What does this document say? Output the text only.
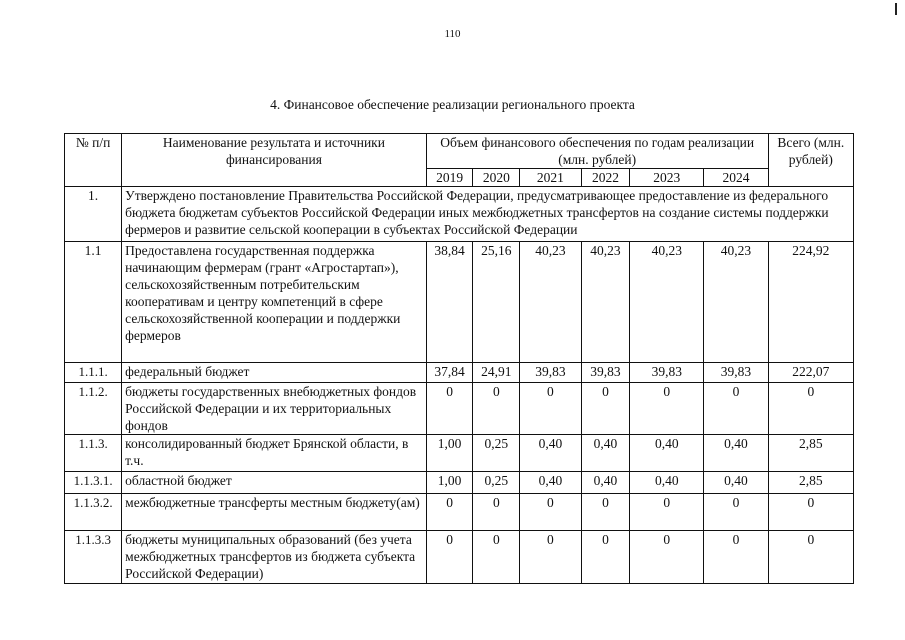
110
4. Финансовое обеспечение реализации регионального проекта
№ п/п	Наименование результата и источники финансирования	Объем финансового обеспечения по годам реализации (млн. рублей)						Всего (млн. рублей)
		2019	2020	2021	2022	2023	2024	
1.	Утверждено постановление Правительства Российской Федерации, предусматривающее предоставление из федерального бюджета бюджетам субъектов Российской Федерации иных межбюджетных трансфертов на создание системы поддержки фермеров и развитие сельской кооперации в субъектах Российской Федерации							
1.1	Предоставлена государственная поддержка начинающим фермерам (грант «Агростартап»), сельскохозяйственным потребительским кооперативам и центру компетенций в сфере сельскохозяйственной кооперации и поддержки фермеров	38,84	25,16	40,23	40,23	40,23	40,23	224,92
1.1.1.	федеральный бюджет	37,84	24,91	39,83	39,83	39,83	39,83	222,07
1.1.2.	бюджеты государственных внебюджетных фондов Российской Федерации и их территориальных фондов	0	0	0	0	0	0	0
1.1.3.	консолидированный бюджет Брянской области, в т.ч.	1,00	0,25	0,40	0,40	0,40	0,40	2,85
1.1.3.1.	областной бюджет	1,00	0,25	0,40	0,40	0,40	0,40	2,85
1.1.3.2.	межбюджетные трансферты местным бюджету(ам)	0	0	0	0	0	0	0
1.1.3.3	бюджеты муниципальных образований (без учета межбюджетных трансфертов из бюджета субъекта Российской Федерации)	0	0	0	0	0	0	0
